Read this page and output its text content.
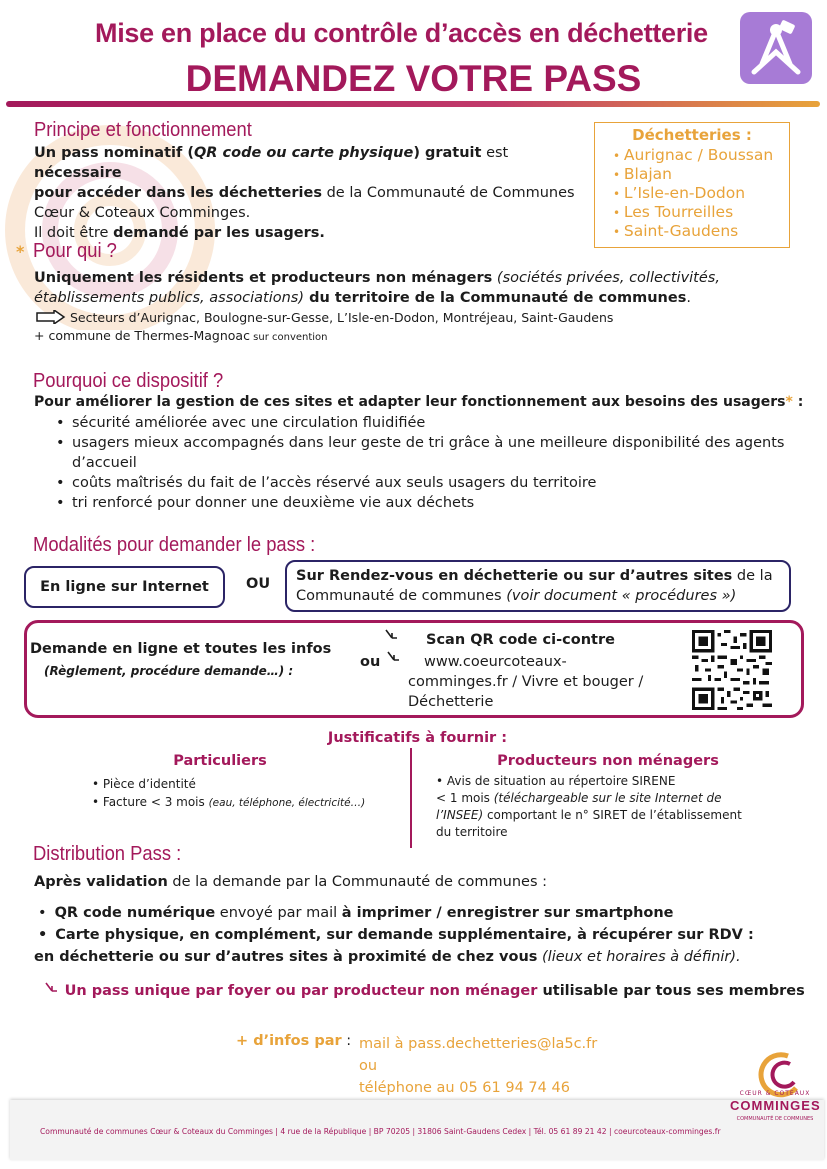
Mise en place du contrôle d’accès en déchetterie
DEMANDEZ VOTRE PASS
Principe et fonctionnement
Un pass nominatif (QR code ou carte physique) gratuit est nécessaire
pour accéder dans les déchetteries de la Communauté de Communes
Cœur & Coteaux Comminges.
Il doit être demandé par les usagers.
Déchetteries :
• Aurignac / Boussan
• Blajan
• L’Isle-en-Dodon
• Les Tourreilles
• Saint-Gaudens
* Pour qui ?
Uniquement les résidents et producteurs non ménagers (sociétés privées, collectivités,
établissements publics, associations) du territoire de la Communauté de communes.
Secteurs d’Aurignac, Boulogne-sur-Gesse, L’Isle-en-Dodon, Montréjeau, Saint-Gaudens
+ commune de Thermes-Magnoac sur convention
Pourquoi ce dispositif ?
Pour améliorer la gestion de ces sites et adapter leur fonctionnement aux besoins des usagers* :
• sécurité améliorée avec une circulation fluidifiée
• usagers mieux accompagnés dans leur geste de tri grâce à une meilleure disponibilité des agents d’accueil
• coûts maîtrisés du fait de l’accès réservé aux seuls usagers du territoire
• tri renforcé pour donner une deuxième vie aux déchets
Modalités pour demander le pass :
En ligne sur Internet	OU Sur Rendez-vous en déchetterie ou sur d’autres sites de la
Communauté de communes (voir document « procédures »)
Demande en ligne et toutes les infos
(Règlement, procédure demande…) :
Scan QR code ci-contre
ou	www.coeurcoteaux-
comminges.fr / Vivre et bouger /
Déchetterie
Justificatifs à fournir :
Particuliers
• Pièce d’identité
• Facture < 3 mois (eau, téléphone, électricité…)
Producteurs non ménagers
• Avis de situation au répertoire SIRENE
< 1 mois (téléchargeable sur le site Internet de
l’INSEE) comportant le n° SIRET de l’établissement
du territoire
Distribution Pass :
Après validation de la demande par la Communauté de communes :
• QR code numérique envoyé par mail à imprimer / enregistrer sur smartphone
• Carte physique, en complément, sur demande supplémentaire, à récupérer sur RDV :
en déchetterie ou sur d’autres sites à proximité de chez vous (lieux et horaires à définir).
Un pass unique par foyer ou par producteur non ménager utilisable par tous ses membres
+ d’infos par : mail à pass.dechetteries@la5c.fr
ou
téléphone au 05 61 94 74 46
Communauté de communes Cœur & Coteaux du Comminges | 4 rue de la République | BP 70205 | 31806 Saint-Gaudens Cedex | Tél. 05 61 89 21 42 | coeurcoteaux-comminges.fr
CŒUR & COTEAUX
COMMINGES
COMMUNAUTÉ DE COMMUNES
